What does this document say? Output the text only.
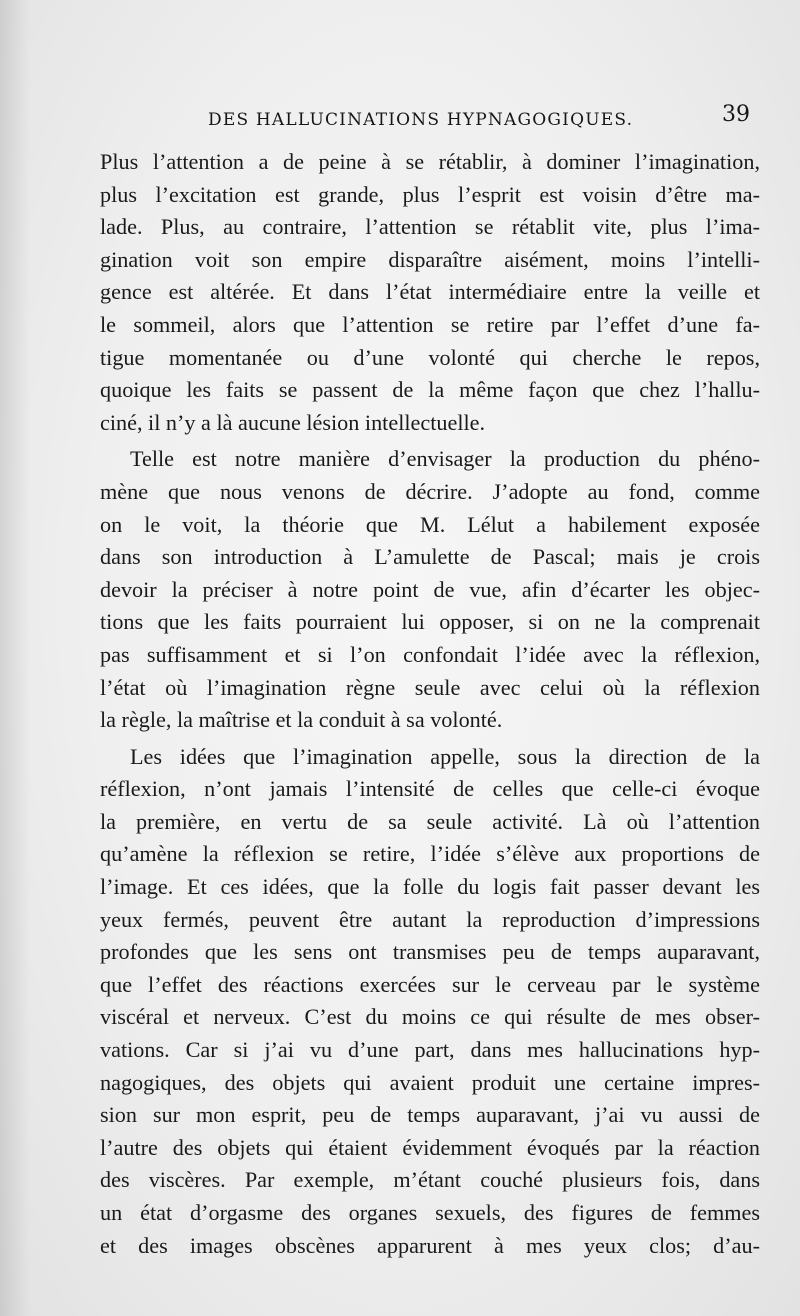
DES HALLUCINATIONS HYPNAGOGIQUES.	39
Plus l’attention a de peine à se rétablir, à dominer l’imagination,
plus l’excitation est grande, plus l’esprit est voisin d’être ma-
lade. Plus, au contraire, l’attention se rétablit vite, plus l’ima-
gination voit son empire disparaître aisément, moins l’intelli-
gence est altérée. Et dans l’état intermédiaire entre la veille et
le sommeil, alors que l’attention se retire par l’effet d’une fa-
tigue momentanée ou d’une volonté qui cherche le repos,
quoique les faits se passent de la même façon que chez l’hallu-
ciné, il n’y a là aucune lésion intellectuelle.
Telle est notre manière d’envisager la production du phéno-
mène que nous venons de décrire. J’adopte au fond, comme
on le voit, la théorie que M. Lélut a habilement exposée
dans son introduction à L’amulette de Pascal; mais je crois
devoir la préciser à notre point de vue, afin d’écarter les objec-
tions que les faits pourraient lui opposer, si on ne la comprenait
pas suffisamment et si l’on confondait l’idée avec la réflexion,
l’état où l’imagination règne seule avec celui où la réflexion
la règle, la maîtrise et la conduit à sa volonté.
Les idées que l’imagination appelle, sous la direction de la
réflexion, n’ont jamais l’intensité de celles que celle-ci évoque
la première, en vertu de sa seule activité. Là où l’attention
qu’amène la réflexion se retire, l’idée s’élève aux proportions de
l’image. Et ces idées, que la folle du logis fait passer devant les
yeux fermés, peuvent être autant la reproduction d’impressions
profondes que les sens ont transmises peu de temps auparavant,
que l’effet des réactions exercées sur le cerveau par le système
viscéral et nerveux. C’est du moins ce qui résulte de mes obser-
vations. Car si j’ai vu d’une part, dans mes hallucinations hyp-
nagogiques, des objets qui avaient produit une certaine impres-
sion sur mon esprit, peu de temps auparavant, j’ai vu aussi de
l’autre des objets qui étaient évidemment évoqués par la réaction
des viscères. Par exemple, m’étant couché plusieurs fois, dans
un état d’orgasme des organes sexuels, des figures de femmes
et des images obscènes apparurent à mes yeux clos; d’au-
